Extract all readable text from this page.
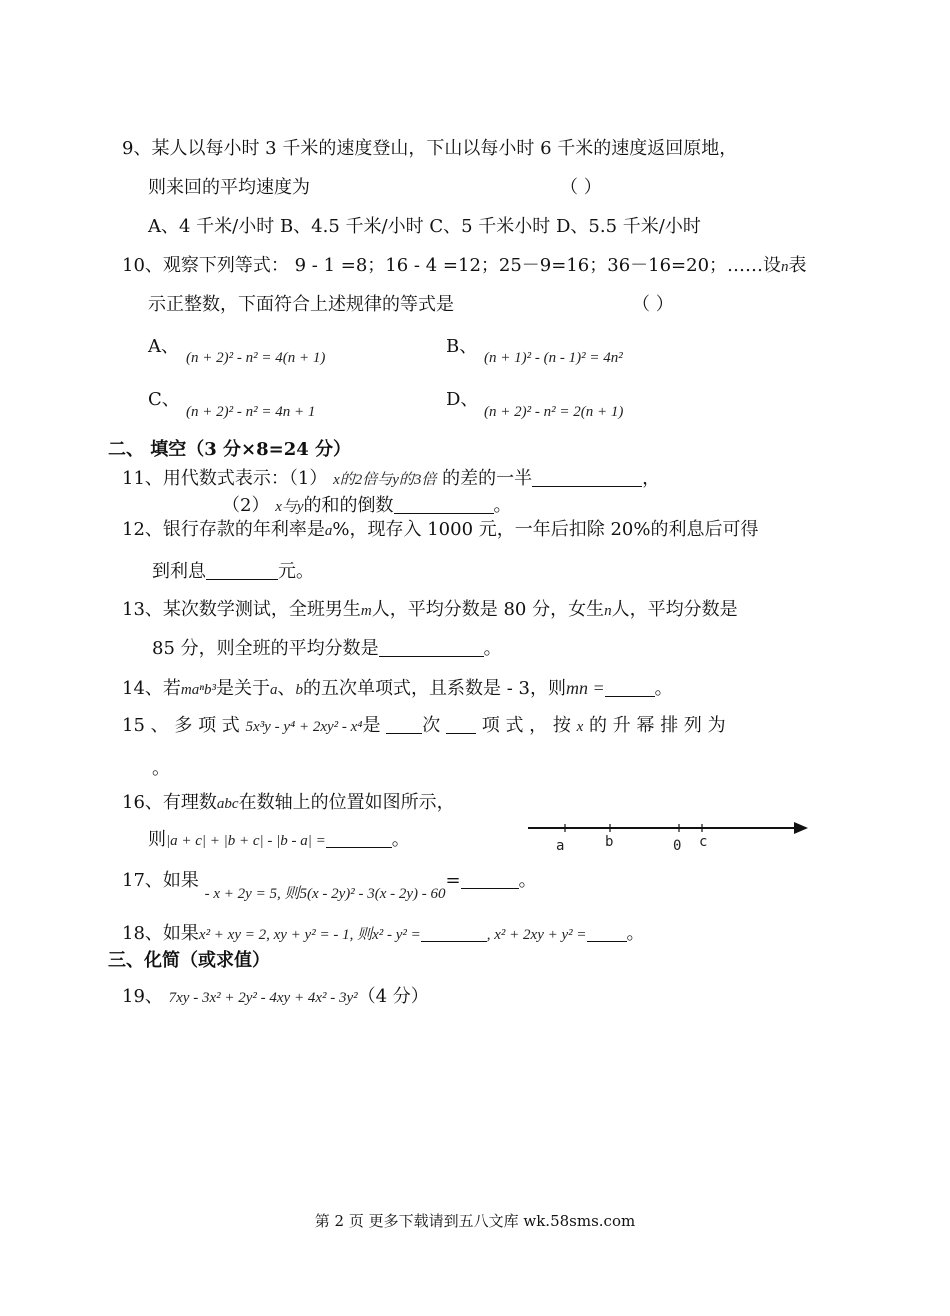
9、某人以每小时 3 千米的速度登山，下山以每小时 6 千米的速度返回原地，
则来回的平均速度为	（ ）
A、4 千米/小时 B、4.5 千米/小时 C、5 千米小时 D、5.5 千米/小时
10、观察下列等式： 9 - 1 =8；16 - 4 =12；25－9=16；36－16=20；……设n表
示正整数，下面符合上述规律的等式是	（ ）
A、
(n + 2)² - n² = 4(n + 1)
B、
(n + 1)² - (n - 1)² = 4n²
C、
(n + 2)² - n² = 4n + 1
D、
(n + 2)² - n² = 2(n + 1)
二、 填空（3 分×8=24 分）
11、用代数式表示：（1） x的2倍与y的3倍 的差的一半	，
（2） x与y的和的倒数	。
12、银行存款的年利率是a%，现存入 1000 元，一年后扣除 20%的利息后可得
到利息	元。
13、某次数学测试，全班男生m人，平均分数是 80 分，女生n人，平均分数是
85 分，则全班的平均分数是	。
14、若maⁿb³是关于a、b的五次单项式，且系数是 - 3，则mn =	。
15 、 多 项 式 5x³y - y⁴ + 2xy² - x⁴是 次 项 式 ， 按 x 的 升 幂 排 列 为
。
16、有理数abc在数轴上的位置如图所示，
则|a + c| + |b + c| - |b - a| =	。	a	b	0 c
17、如果 $_{- x + 2y = 5, 则5(x - 2y)^2 - 3(x - 2y) - 60}$=	。
18、如果x² + xy = 2, xy + y² = - 1, 则x² - y² =	, x² + 2xy + y² = 。
三、化简（或求值）
19、 7xy - 3x² + 2y² - 4xy + 4x² - 3y²（4 分）
第 2 页 更多下载请到五八文库 wk.58sms.com
